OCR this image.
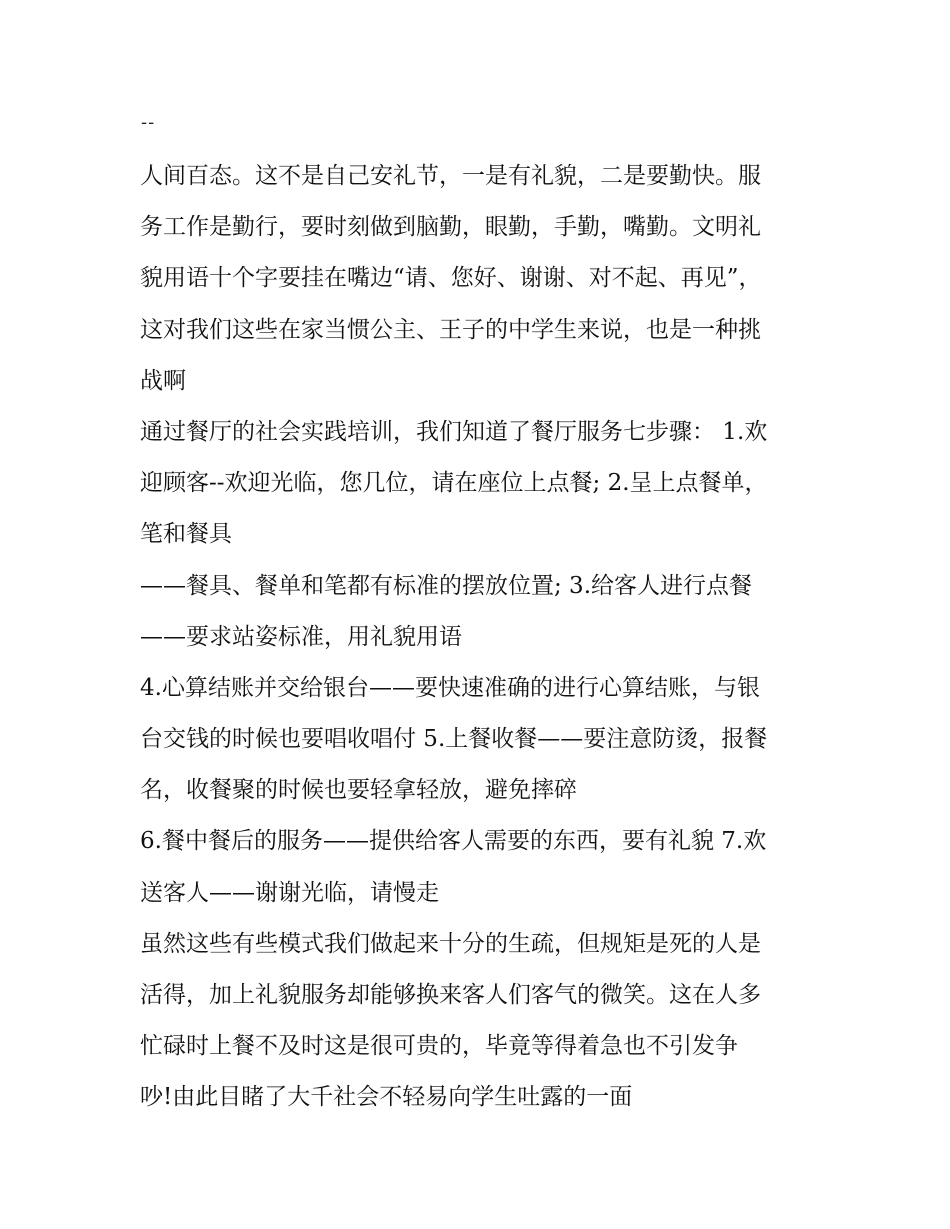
--
人间百态。这不是自己安礼节，一是有礼貌，二是要勤快。服
务工作是勤行，要时刻做到脑勤，眼勤，手勤，嘴勤。文明礼
貌用语十个字要挂在嘴边“请、您好、谢谢、对不起、再见”，
这对我们这些在家当惯公主、王子的中学生来说，也是一种挑
战啊
通过餐厅的社会实践培训，我们知道了餐厅服务七步骤： 1.欢
迎顾客--欢迎光临，您几位，请在座位上点餐; 2.呈上点餐单，
笔和餐具
——餐具、餐单和笔都有标准的摆放位置; 3.给客人进行点餐
——要求站姿标准，用礼貌用语
4.心算结账并交给银台——要快速准确的进行心算结账，与银
台交钱的时候也要唱收唱付 5.上餐收餐——要注意防烫，报餐
名，收餐聚的时候也要轻拿轻放，避免摔碎
6.餐中餐后的服务——提供给客人需要的东西，要有礼貌 7.欢
送客人——谢谢光临，请慢走
虽然这些有些模式我们做起来十分的生疏，但规矩是死的人是
活得，加上礼貌服务却能够换来客人们客气的微笑。这在人多
忙碌时上餐不及时这是很可贵的，毕竟等得着急也不引发争
吵!由此目睹了大千社会不轻易向学生吐露的一面
